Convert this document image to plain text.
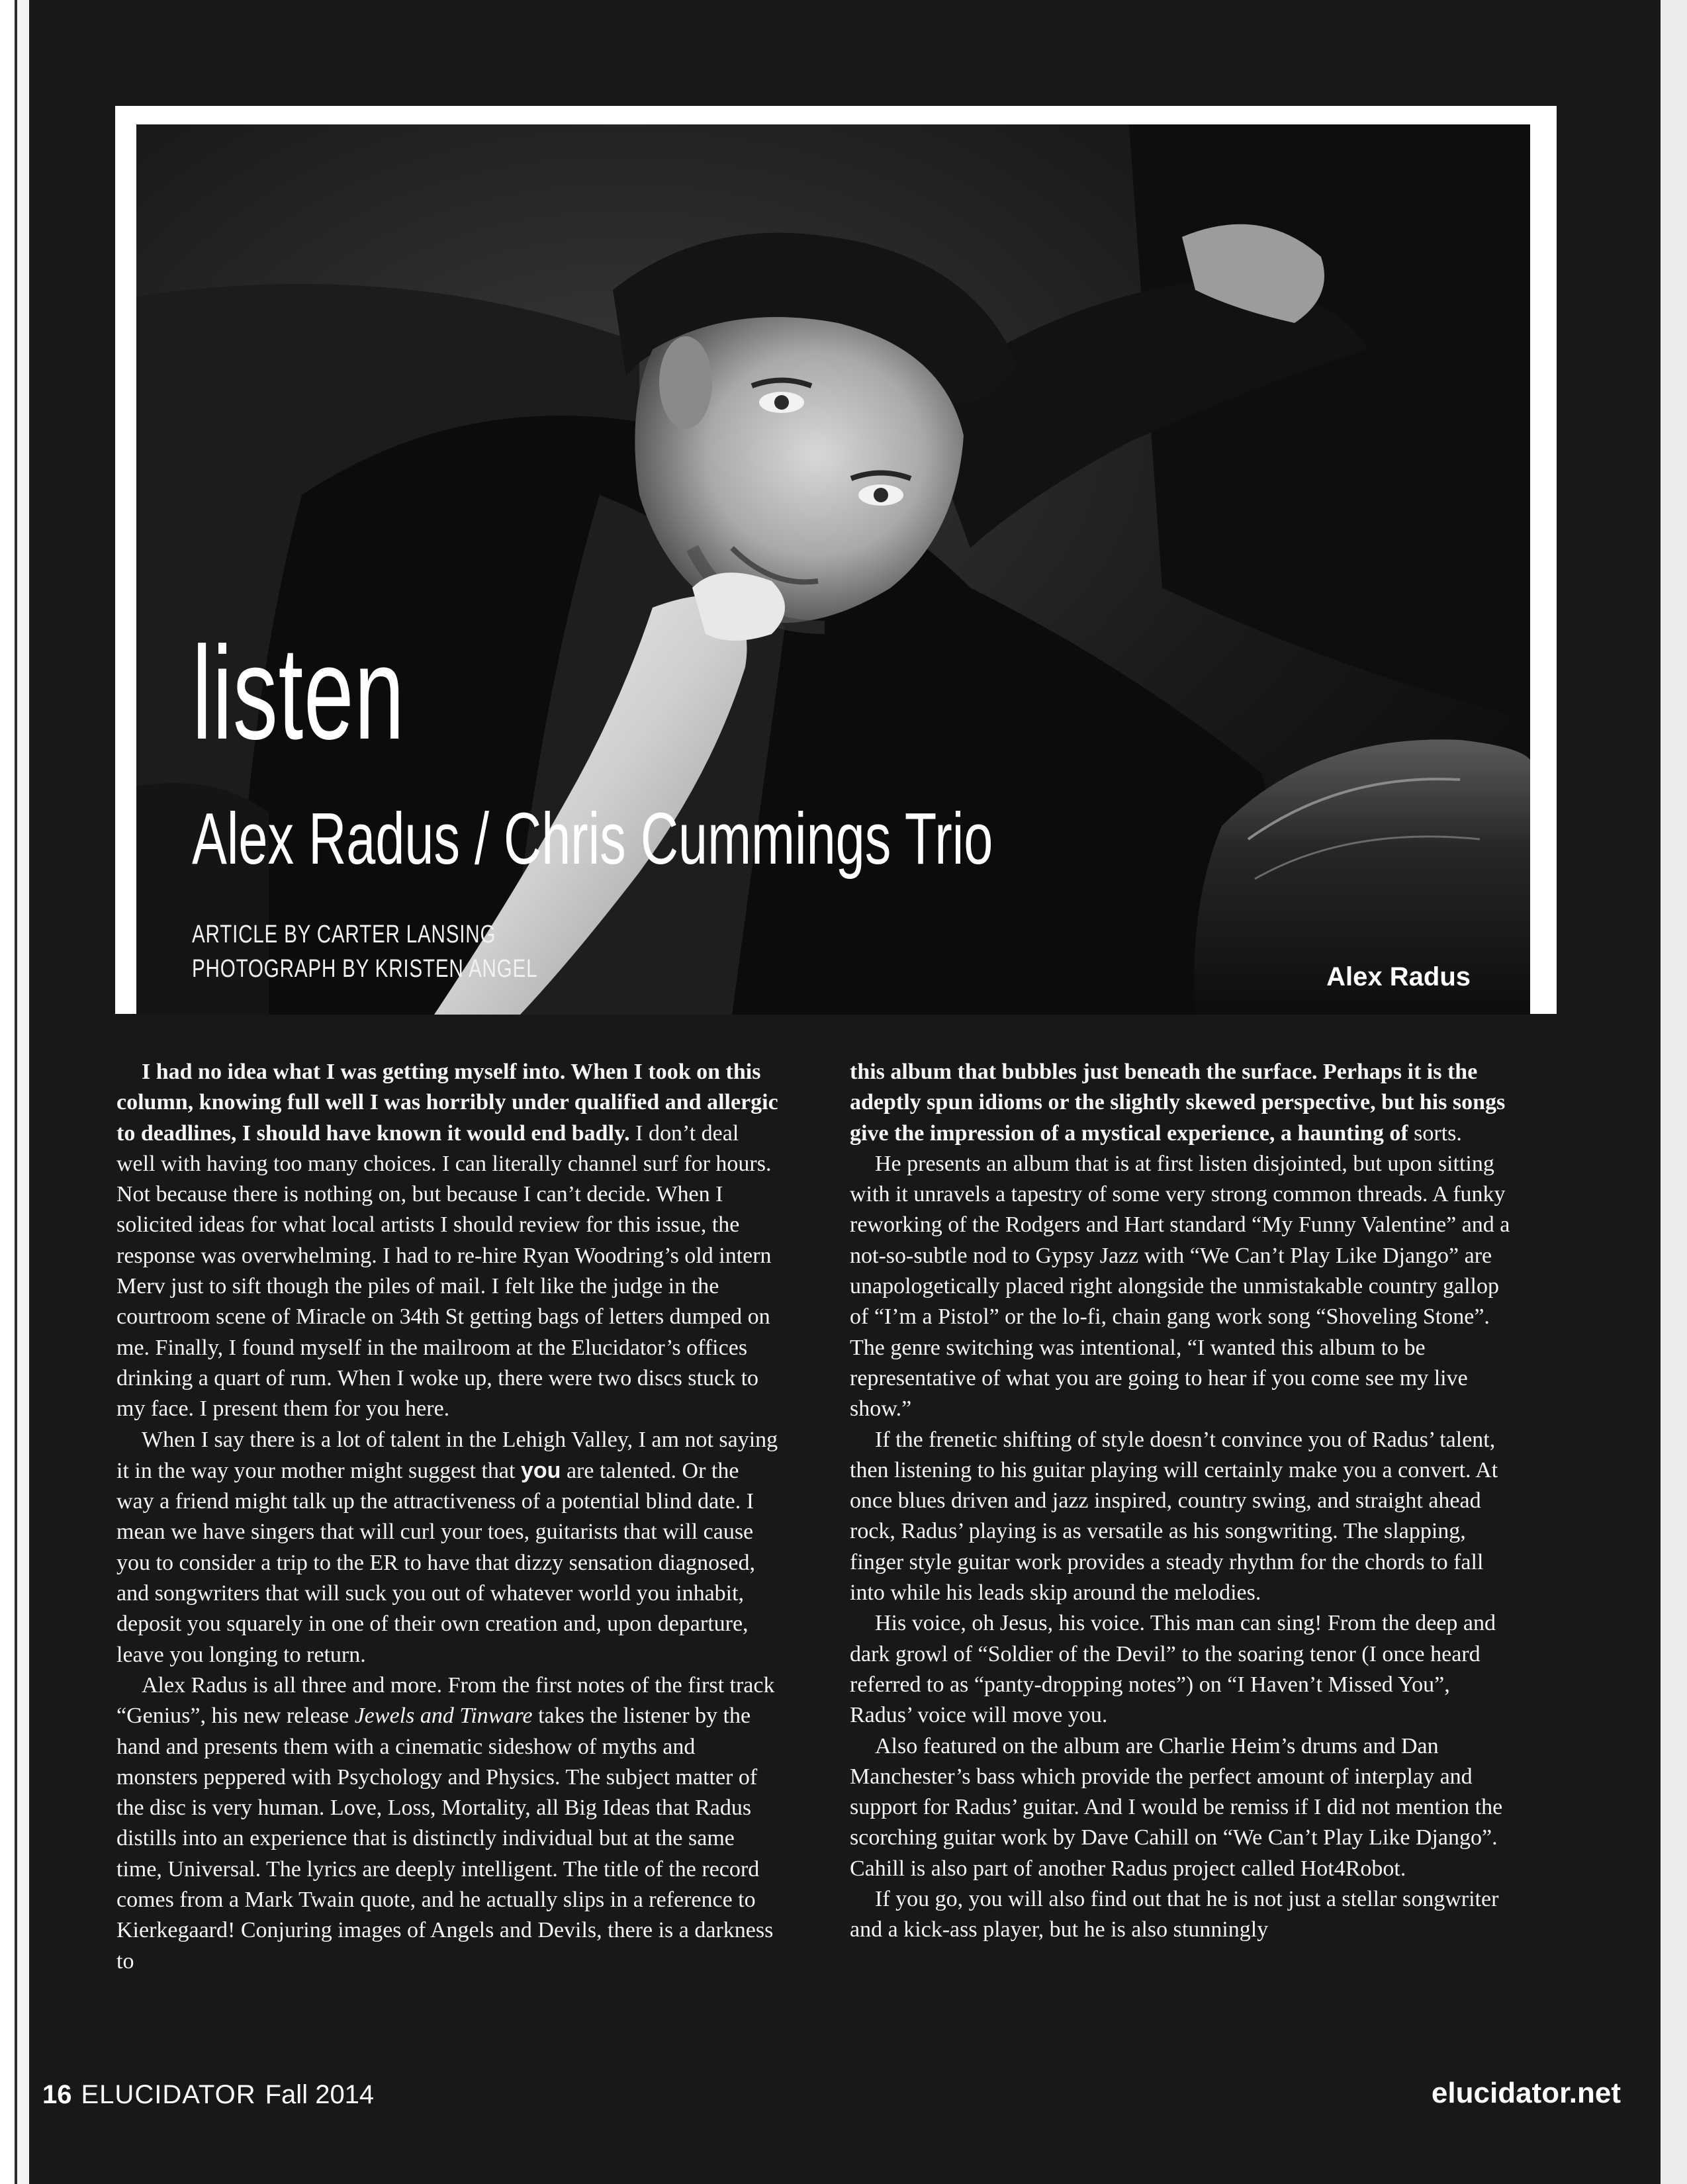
listen
Alex Radus / Chris Cummings Trio
ARTICLE BY CARTER LANSING
PHOTOGRAPH BY KRISTEN ANGEL	Alex Radus

I had no idea what I was getting myself into. When I took on this column, knowing full well I was horribly under qualified and allergic to deadlines, I should have known it would end badly. I don’t deal well with having too many choices. I can literally channel surf for hours. Not because there is nothing on, but because I can’t decide. When I solicited ideas for what local artists I should review for this issue, the response was overwhelming. I had to re-hire Ryan Woodring’s old intern Merv just to sift though the piles of mail. I felt like the judge in the courtroom scene of Miracle on 34th St getting bags of letters dumped on me. Finally, I found myself in the mailroom at the Elucidator’s offices drinking a quart of rum. When I woke up, there were two discs stuck to my face. I present them for you here.

When I say there is a lot of talent in the Lehigh Valley, I am not saying it in the way your mother might suggest that you are talented. Or the way a friend might talk up the attractiveness of a potential blind date. I mean we have singers that will curl your toes, guitarists that will cause you to consider a trip to the ER to have that dizzy sensation diagnosed, and songwriters that will suck you out of whatever world you inhabit, deposit you squarely in one of their own creation and, upon departure, leave you longing to return.

Alex Radus is all three and more. From the first notes of the first track “Genius”, his new release Jewels and Tinware takes the listener by the hand and presents them with a cinematic sideshow of myths and monsters peppered with Psychology and Physics. The subject matter of the disc is very human. Love, Loss, Mortality, all Big Ideas that Radus distills into an experience that is distinctly individual but at the same time, Universal. The lyrics are deeply intelligent. The title of the record comes from a Mark Twain quote, and he actually slips in a reference to Kierkegaard! Conjuring images of Angels and Devils, there is a darkness to

this album that bubbles just beneath the surface. Perhaps it is the adeptly spun idioms or the slightly skewed perspective, but his songs give the impression of a mystical experience, a haunting of sorts.

He presents an album that is at first listen disjointed, but upon sitting with it unravels a tapestry of some very strong common threads. A funky reworking of the Rodgers and Hart standard “My Funny Valentine” and a not-so-subtle nod to Gypsy Jazz with “We Can’t Play Like Django” are unapologetically placed right alongside the unmistakable country gallop of “I’m a Pistol” or the lo-fi, chain gang work song “Shoveling Stone”. The genre switching was intentional, “I wanted this album to be representative of what you are going to hear if you come see my live show.”

If the frenetic shifting of style doesn’t convince you of Radus’ talent, then listening to his guitar playing will certainly make you a convert. At once blues driven and jazz inspired, country swing, and straight ahead rock, Radus’ playing is as versatile as his songwriting. The slapping, finger style guitar work provides a steady rhythm for the chords to fall into while his leads skip around the melodies.

His voice, oh Jesus, his voice. This man can sing! From the deep and dark growl of “Soldier of the Devil” to the soaring tenor (I once heard referred to as “panty-dropping notes”) on “I Haven’t Missed You”, Radus’ voice will move you.

Also featured on the album are Charlie Heim’s drums and Dan Manchester’s bass which provide the perfect amount of interplay and support for Radus’ guitar. And I would be remiss if I did not mention the scorching guitar work by Dave Cahill on “We Can’t Play Like Django”. Cahill is also part of another Radus project called Hot4Robot.

If you go, you will also find out that he is not just a stellar songwriter and a kick-ass player, but he is also stunningly

16 ELUCIDATOR Fall 2014	elucidator.net
